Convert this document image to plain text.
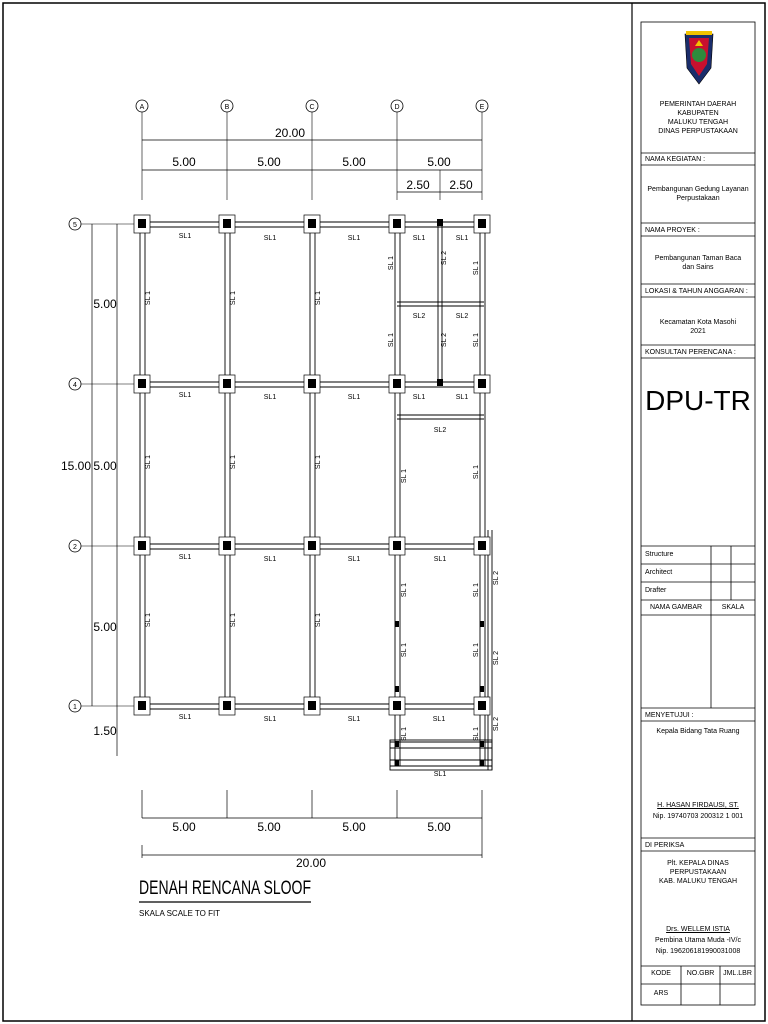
A	B	C	D	E
20.00
5.00	5.00	5.00	5.00
2.50 2.50
5
4
2
1
5.00
5.00
5.00
15.00
1.50
SL1	SL1	SL1	SL1	SL1
SL1	SL1	SL1	SL1	SL1
SL1	SL1	SL1	SL1
SL1	SL1	SL1	SL1
SL1
SL2	SL2
SL2
SL 1	SL 1	SL 1
SL 1	SL 1	SL 1
SL 1	SL 1	SL 1
SL 1	SL 1
SL 2
SL 1	SL 1
SL 2
SL 1	SL 1
SL 1	SL 1
SL 1	SL 1
SL 2
SL 2
SL 2
SL 1	SL 1
5.00	5.00	5.00	5.00
20.00
DENAH RENCANA SLOOF
SKALA SCALE TO FIT
PEMERINTAH DAERAH KABUPATEN
MALUKU TENGAH
DINAS PERPUSTAKAAN
NAMA KEGIATAN :
Pembangunan Gedung Layanan
Perpustakaan
NAMA PROYEK :
Pembangunan Taman Baca
dan Sains
LOKASI & TAHUN ANGGARAN :
Kecamatan Kota Masohi
2021
KONSULTAN PERENCANA :
DPU-TR
Structure
Architect
Drafter
NAMA GAMBAR	SKALA
MENYETUJUI :
Kepala Bidang Tata Ruang
H. HASAN FIRDAUSI, ST.
Nip. 19740703 200312 1 001
DI PERIKSA
Plt. KEPALA DINAS PERPUSTAKAAN
KAB. MALUKU TENGAH
Drs. WELLEM ISTIA
Pembina Utama Muda -IV/c
Nip. 196206181990031008
KODE	NO.GBR	JML.LBR
ARS
